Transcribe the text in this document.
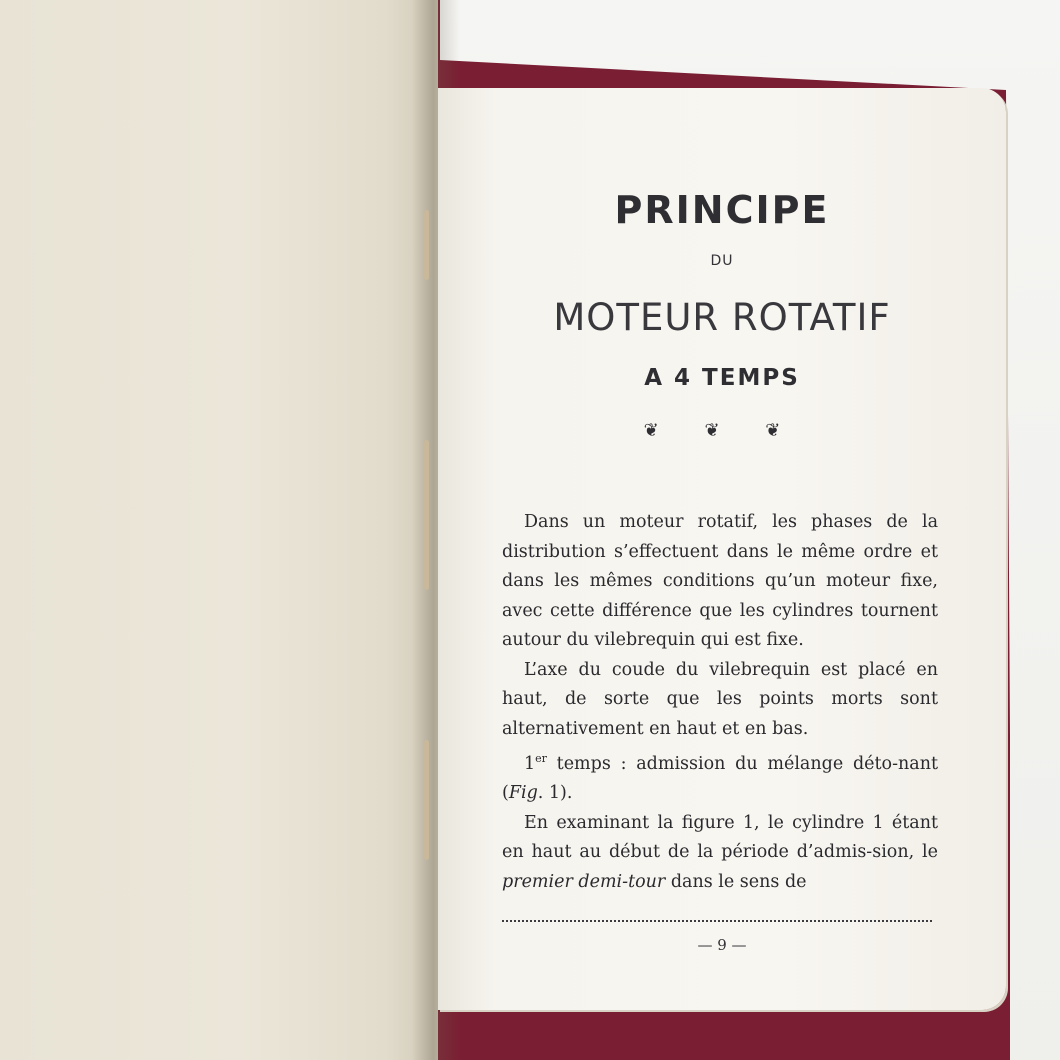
PRINCIPE
DU
MOTEUR ROTATIF
A 4 TEMPS
❦ ❦ ❦

Dans un moteur rotatif, les phases de la distribution s’effectuent dans le même ordre et dans les mêmes conditions qu’un moteur fixe, avec cette différence que les cylindres tournent autour du vilebrequin qui est fixe.

L’axe du coude du vilebrequin est placé en haut, de sorte que les points morts sont alternativement en haut et en bas.

1er temps : admission du mélange déto-nant (Fig. 1).

En examinant la figure 1, le cylindre 1 étant en haut au début de la période d’admis-sion, le premier demi-tour dans le sens de

— 9 —
